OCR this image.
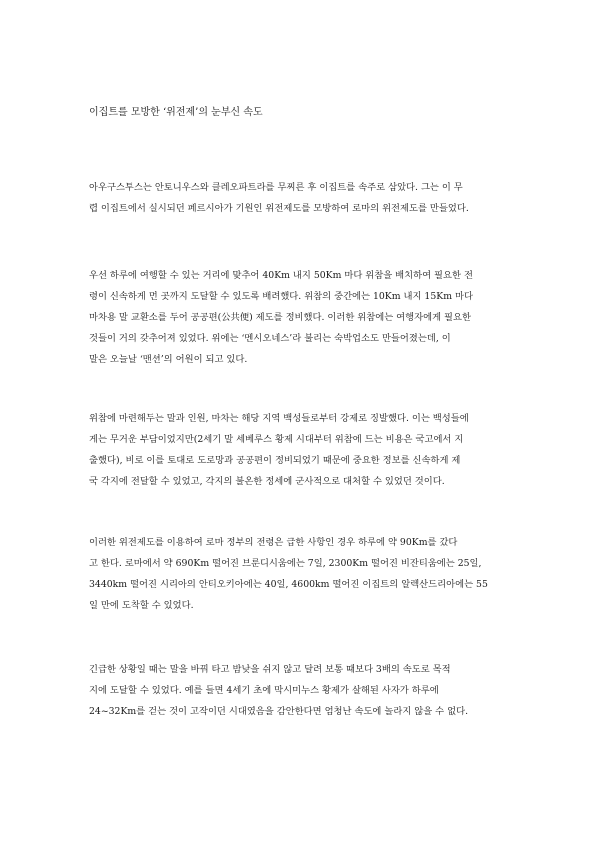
이집트를 모방한 ‘위전제’의 눈부신 속도
아우구스투스는 안토니우스와 클레오파트라를 무찌른 후 이집트를 속주로 삼았다. 그는 이 무
렵 이집트에서 실시되던 페르시아가 기원인 위전제도를 모방하여 로마의 위전제도를 만들었다.
우선 하루에 여행할 수 있는 거리에 맞추어 40Km 내지 50Km 마다 위참을 배치하여 필요한 전
령이 신속하게 먼 곳까지 도달할 수 있도록 배려했다. 위참의 중간에는 10Km 내지 15Km 마다
마차용 말 교환소를 두어 공공편(公共便) 제도를 정비했다. 이러한 위참에는 여행자에게 필요한
것들이 거의 갖추어져 있었다. 위에는 ‘멘시오네스’라 불리는 숙박업소도 만들어졌는데, 이
말은 오늘날 ‘맨션’의 어원이 되고 있다.
위참에 마련해두는 말과 인원, 마차는 해당 지역 백성들로부터 강제로 징발했다. 이는 백성들에
게는 무거운 부담이었지만(2세기 말 세베루스 황제 시대부터 위참에 드는 비용은 국고에서 지
출했다), 비로 이를 토대로 도로망과 공공편이 정비되었기 때문에 중요한 정보를 신속하게 제
국 각지에 전달할 수 있었고, 각지의 불온한 정세에 군사적으로 대처할 수 있었던 것이다.
이러한 위전제도를 이용하여 로마 정부의 전령은 급한 사항인 경우 하루에 약 90Km를 갔다
고 한다. 로마에서 약 690Km 떨어진 브룬디시움에는 7일, 2300Km 떨어진 비잔티움에는 25일,
3440km 떨어진 시리아의 안티오키아에는 40일, 4600km 떨어진 이집트의 알렉산드리아에는 55
일 만에 도착할 수 있었다.
긴급한 상황일 때는 말을 바꿔 타고 밤낮을 쉬지 않고 달려 보통 때보다 3배의 속도로 목적
지에 도달할 수 있었다. 예를 들면 4세기 초에 막시미누스 황제가 살해된 사자가 하루에
24~32Km를 걷는 것이 고작이던 시대였음을 감안한다면 엄청난 속도에 놀라지 않을 수 없다.
